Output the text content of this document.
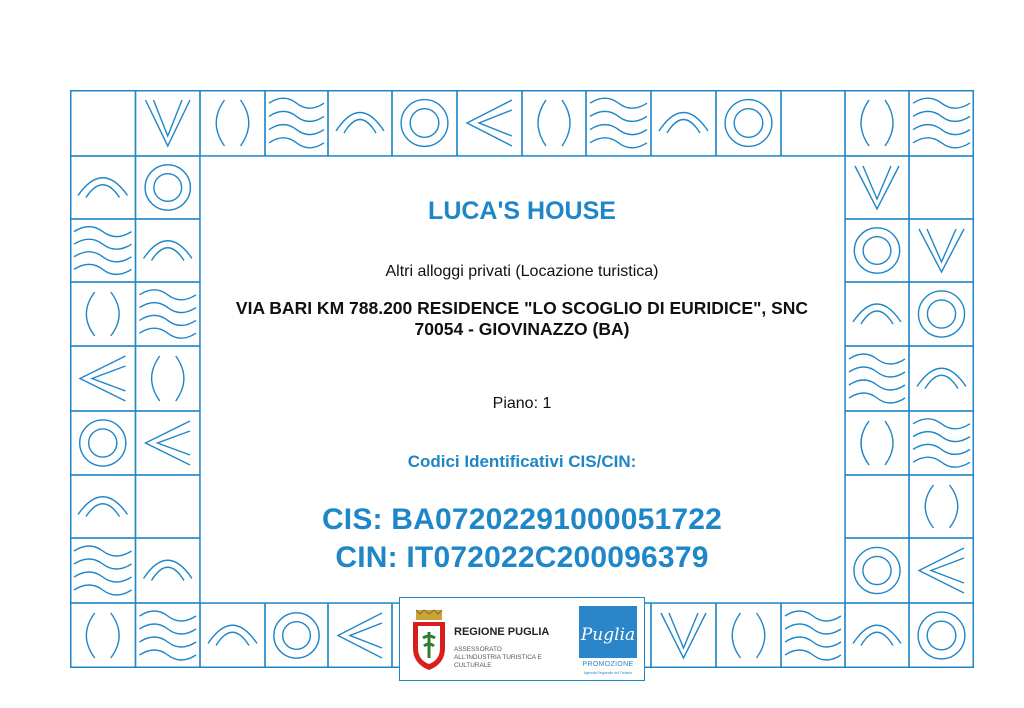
LUCA'S HOUSE
Altri alloggi privati (Locazione turistica)
VIA BARI KM 788.200 RESIDENCE "LO SCOGLIO DI EURIDICE", SNC
70054 - GIOVINAZZO (BA)
Piano: 1
Codici Identificativi CIS/CIN:
CIS: BA07202291000051722
CIN: IT072022C200096379
REGIONE PUGLIA
ASSESSORATO ALL'INDUSTRIA TURISTICA E CULTURALE
Puglia
PROMOZIONE
Agenzia Regionale del Turismo
